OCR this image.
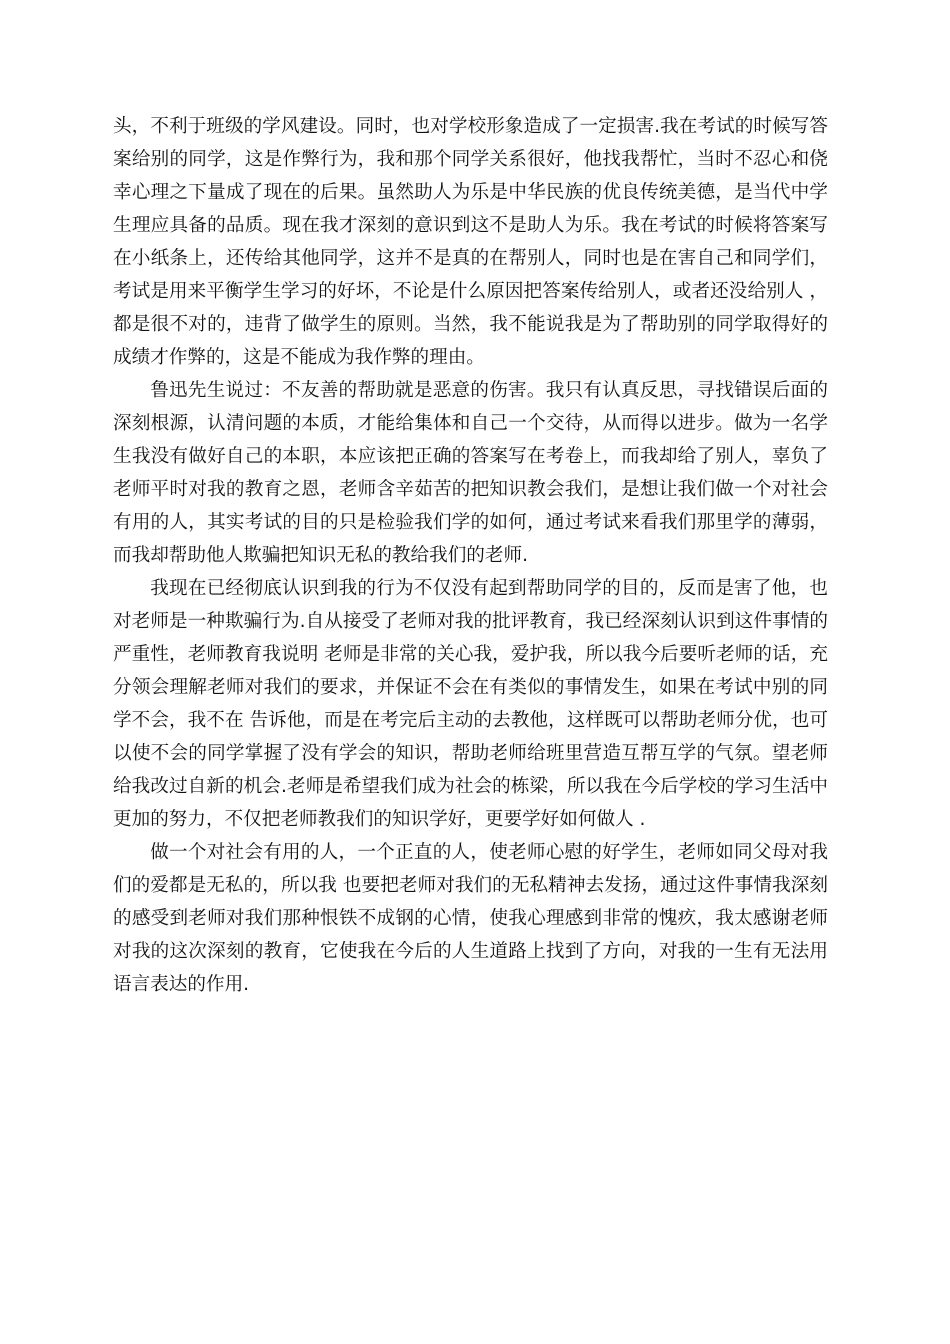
头，不利于班级的学风建设。同时，也对学校形象造成了一定损害.我在考试的时候写答案给别的同学，这是作弊行为，我和那个同学关系很好，他找我帮忙，当时不忍心和侥幸心理之下量成了现在的后果。虽然助人为乐是中华民族的优良传统美德，是当代中学生理应具备的品质。现在我才深刻的意识到这不是助人为乐。我在考试的时候将答案写在小纸条上，还传给其他同学，这并不是真的在帮别人，同时也是在害自己和同学们，考试是用来平衡学生学习的好坏，不论是什么原因把答案传给别人，或者还没给别人 ，都是很不对的，违背了做学生的原则。当然，我不能说我是为了帮助别的同学取得好的成绩才作弊的，这是不能成为我作弊的理由。

鲁迅先生说过：不友善的帮助就是恶意的伤害。我只有认真反思，寻找错误后面的深刻根源，认清问题的本质，才能给集体和自己一个交待，从而得以进步。做为一名学生我没有做好自己的本职，本应该把正确的答案写在考卷上，而我却给了别人，辜负了老师平时对我的教育之恩，老师含辛茹苦的把知识教会我们，是想让我们做一个对社会有用的人，其实考试的目的只是检验我们学的如何，通过考试来看我们那里学的薄弱，而我却帮助他人欺骗把知识无私的教给我们的老师.

我现在已经彻底认识到我的行为不仅没有起到帮助同学的目的，反而是害了他，也对老师是一种欺骗行为.自从接受了老师对我的批评教育，我已经深刻认识到这件事情的严重性，老师教育我说明 老师是非常的关心我，爱护我，所以我今后要听老师的话，充分领会理解老师对我们的要求，并保证不会在有类似的事情发生，如果在考试中别的同学不会，我不在 告诉他，而是在考完后主动的去教他，这样既可以帮助老师分优，也可以使不会的同学掌握了没有学会的知识，帮助老师给班里营造互帮互学的气氛。望老师给我改过自新的机会.老师是希望我们成为社会的栋梁，所以我在今后学校的学习生活中更加的努力，不仅把老师教我们的知识学好，更要学好如何做人 .

做一个对社会有用的人，一个正直的人，使老师心慰的好学生，老师如同父母对我们的爱都是无私的，所以我 也要把老师对我们的无私精神去发扬，通过这件事情我深刻的感受到老师对我们那种恨铁不成钢的心情，使我心理感到非常的愧疚，我太感谢老师对我的这次深刻的教育，它使我在今后的人生道路上找到了方向，对我的一生有无法用语言表达的作用.
